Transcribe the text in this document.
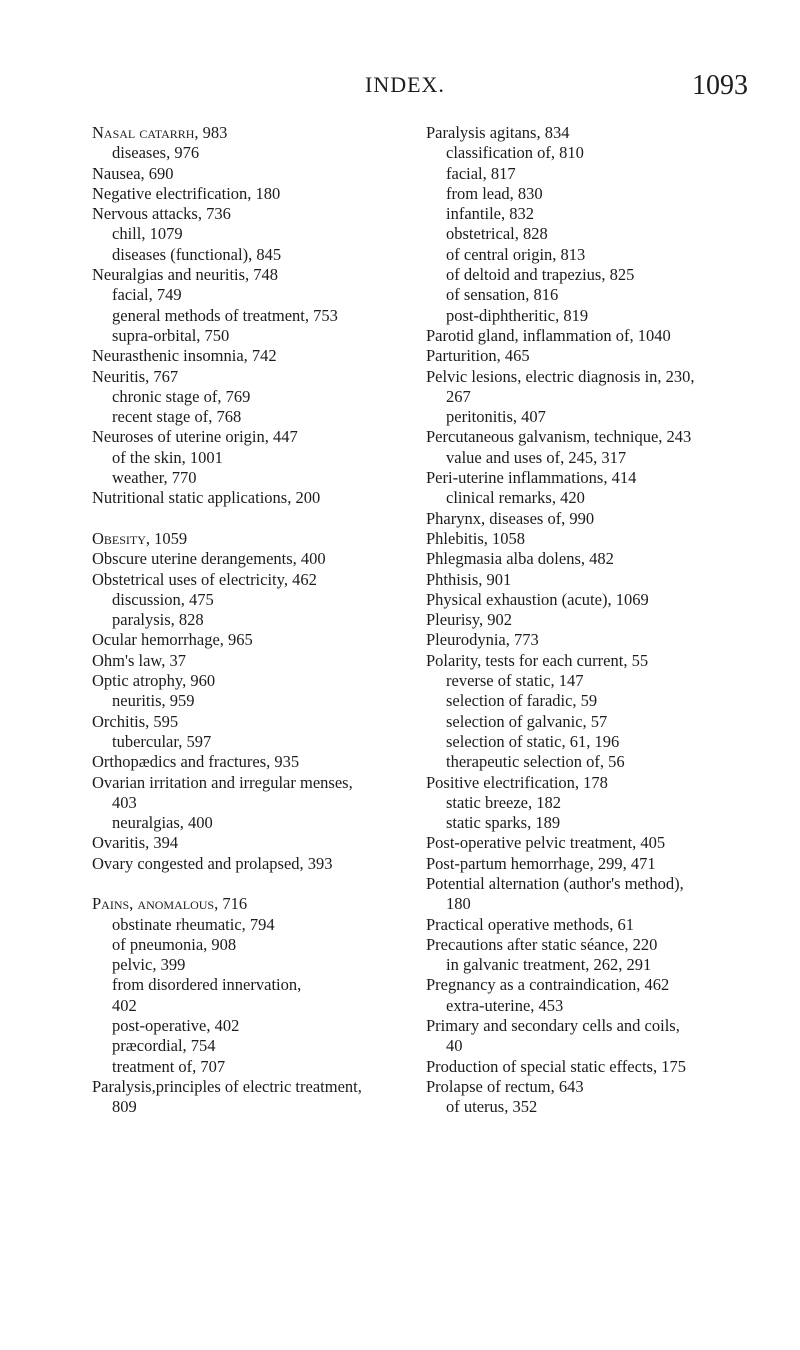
INDEX.	1093
Nasal catarrh, 983
diseases, 976
Nausea, 690
Negative electrification, 180
Nervous attacks, 736
chill, 1079
diseases (functional), 845
Neuralgias and neuritis, 748
facial, 749
general methods of treatment, 753
supra-orbital, 750
Neurasthenic insomnia, 742
Neuritis, 767
chronic stage of, 769
recent stage of, 768
Neuroses of uterine origin, 447
of the skin, 1001
weather, 770
Nutritional static applications, 200
Obesity, 1059
Obscure uterine derangements, 400
Obstetrical uses of electricity, 462
discussion, 475
paralysis, 828
Ocular hemorrhage, 965
Ohm's law, 37
Optic atrophy, 960
neuritis, 959
Orchitis, 595
tubercular, 597
Orthopædics and fractures, 935
Ovarian irritation and irregular menses,
403
neuralgias, 400
Ovaritis, 394
Ovary congested and prolapsed, 393
Pains, anomalous, 716
obstinate rheumatic, 794
of pneumonia, 908
pelvic, 399
from disordered innervation,
402
post-operative, 402
præcordial, 754
treatment of, 707
Paralysis,principles of electric treatment,
809
Paralysis agitans, 834
classification of, 810
facial, 817
from lead, 830
infantile, 832
obstetrical, 828
of central origin, 813
of deltoid and trapezius, 825
of sensation, 816
post-diphtheritic, 819
Parotid gland, inflammation of, 1040
Parturition, 465
Pelvic lesions, electric diagnosis in, 230,
267
peritonitis, 407
Percutaneous galvanism, technique, 243
value and uses of, 245, 317
Peri-uterine inflammations, 414
clinical remarks, 420
Pharynx, diseases of, 990
Phlebitis, 1058
Phlegmasia alba dolens, 482
Phthisis, 901
Physical exhaustion (acute), 1069
Pleurisy, 902
Pleurodynia, 773
Polarity, tests for each current, 55
reverse of static, 147
selection of faradic, 59
selection of galvanic, 57
selection of static, 61, 196
therapeutic selection of, 56
Positive electrification, 178
static breeze, 182
static sparks, 189
Post-operative pelvic treatment, 405
Post-partum hemorrhage, 299, 471
Potential alternation (author's method),
180
Practical operative methods, 61
Precautions after static séance, 220
in galvanic treatment, 262, 291
Pregnancy as a contraindication, 462
extra-uterine, 453
Primary and secondary cells and coils,
40
Production of special static effects, 175
Prolapse of rectum, 643
of uterus, 352
